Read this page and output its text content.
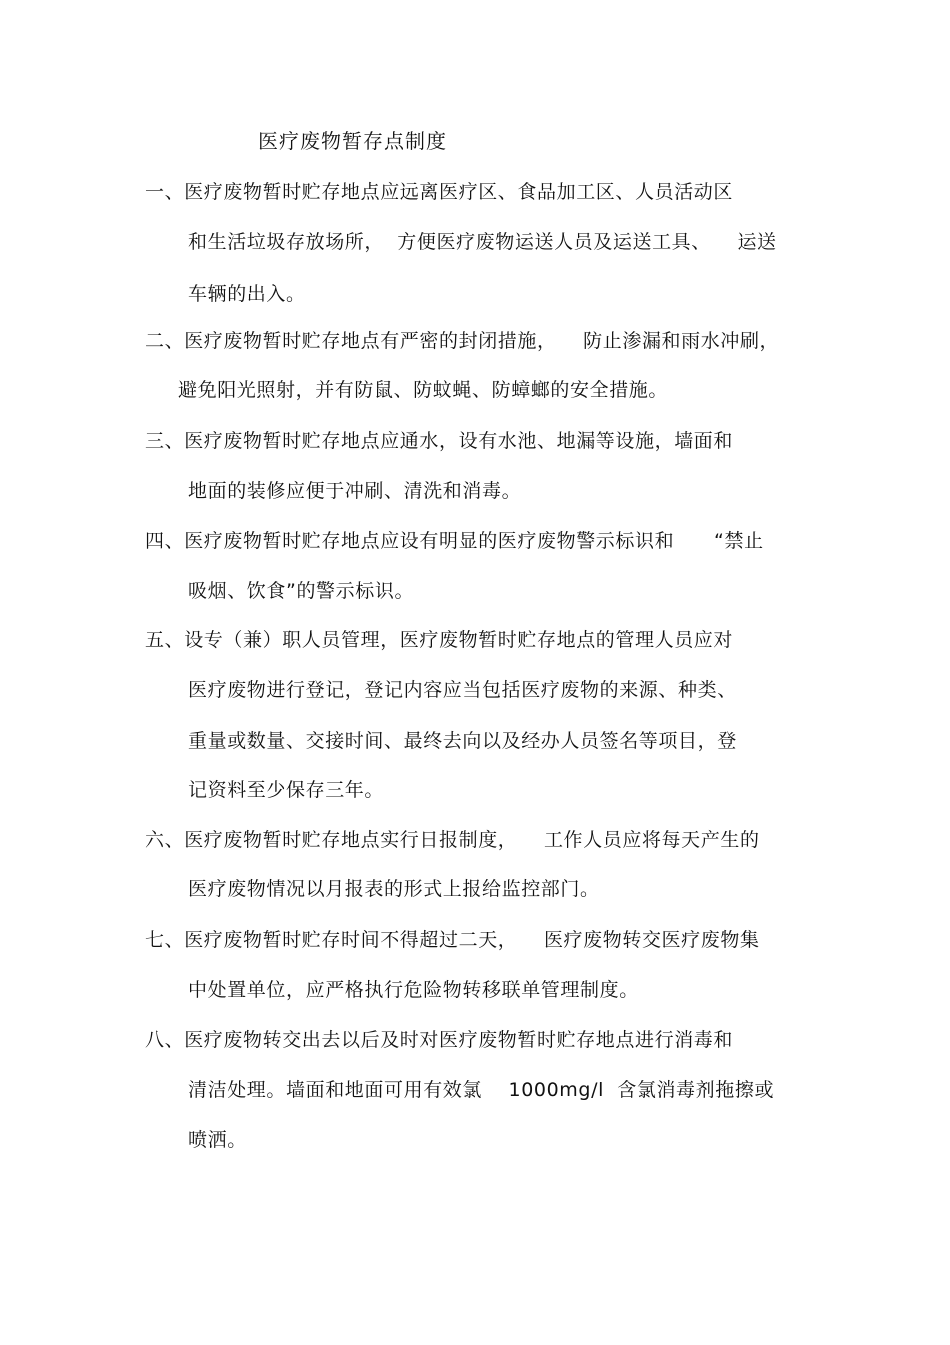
医疗废物暂存点制度
一、医疗废物暂时贮存地点应远离医疗区、食品加工区、人员活动区
和生活垃圾存放场所，  方便医疗废物运送人员及运送工具、    运送
车辆的出入。
二、医疗废物暂时贮存地点有严密的封闭措施，    防止渗漏和雨水冲刷，
避免阳光照射，并有防鼠、防蚊蝇、防蟑螂的安全措施。
三、医疗废物暂时贮存地点应通水，设有水池、地漏等设施，墙面和
地面的装修应便于冲刷、清洗和消毒。
四、医疗废物暂时贮存地点应设有明显的医疗废物警示标识和      “禁止
吸烟、饮食”的警示标识。
五、设专（兼）职人员管理，医疗废物暂时贮存地点的管理人员应对
医疗废物进行登记，登记内容应当包括医疗废物的来源、种类、
重量或数量、交接时间、最终去向以及经办人员签名等项目，登
记资料至少保存三年。
六、医疗废物暂时贮存地点实行日报制度，    工作人员应将每天产生的
医疗废物情况以月报表的形式上报给监控部门。
七、医疗废物暂时贮存时间不得超过二天，    医疗废物转交医疗废物集
中处置单位，应严格执行危险物转移联单管理制度。
八、医疗废物转交出去以后及时对医疗废物暂时贮存地点进行消毒和
清洁处理。墙面和地面可用有效氯    1000mg/l  含氯消毒剂拖擦或
喷洒。
